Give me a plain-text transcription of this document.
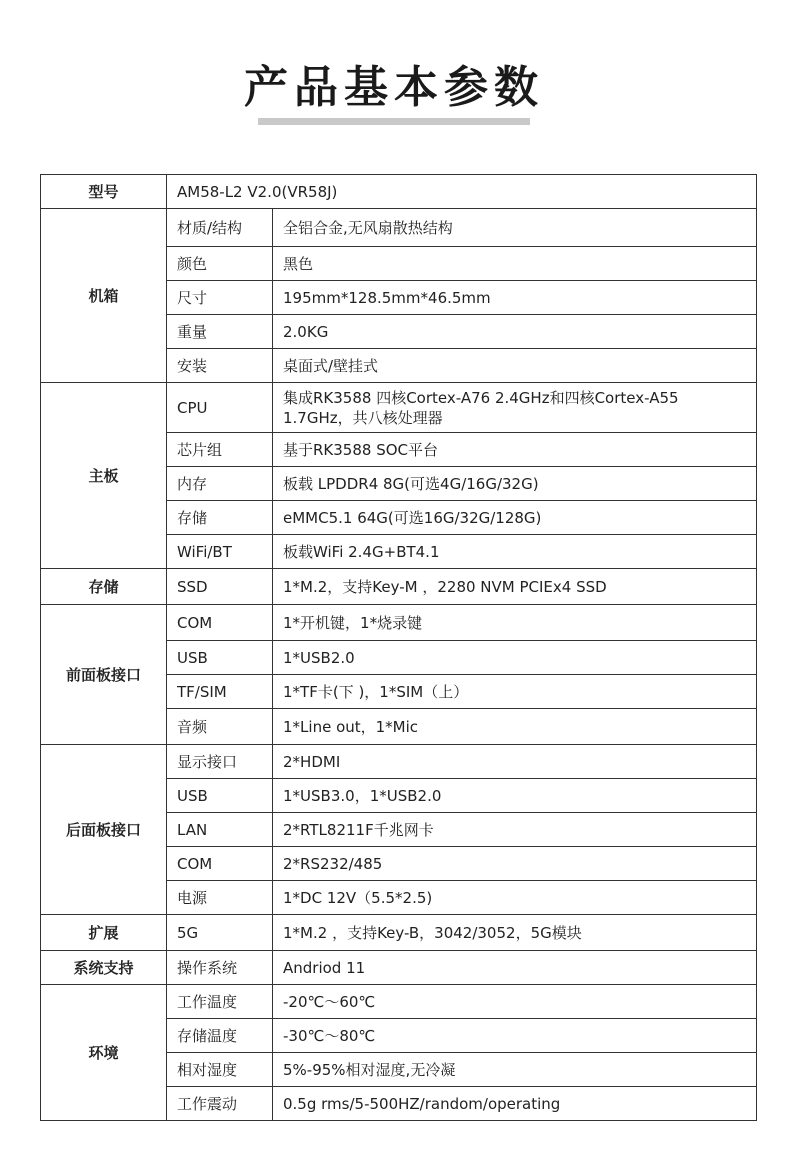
产品基本参数
型号	AM58-L2 V2.0(VR58J)	
机箱	材质/结构	全铝合金,无风扇散热结构
	颜色	黑色
	尺寸	195mm*128.5mm*46.5mm
	重量	2.0KG
	安装	桌面式/壁挂式
主板	CPU	集成RK3588 四核Cortex-A76 2.4GHz和四核Cortex-A55 1.7GHz，共八核处理器
	芯片组	基于RK3588 SOC平台
	内存	板载 LPDDR4 8G(可选4G/16G/32G)
	存储	eMMC5.1 64G(可选16G/32G/128G)
	WiFi/BT	板载WiFi 2.4G+BT4.1
存储	SSD	1*M.2，支持Key-M ，2280 NVM PCIEx4 SSD
前面板接口	COM	1*开机键，1*烧录键
	USB	1*USB2.0
	TF/SIM	1*TF卡(下 )，1*SIM（上）
	音频	1*Line out，1*Mic
后面板接口	显示接口	2*HDMI
	USB	1*USB3.0，1*USB2.0
	LAN	2*RTL8211F千兆网卡
	COM	2*RS232/485
	电源	1*DC 12V（5.5*2.5)
扩展	5G	1*M.2 ，支持Key-B，3042/3052，5G模块
系统支持	操作系统	Andriod 11
环境	工作温度	-20℃～60℃
	存储温度	-30℃～80℃
	相对湿度	5%-95%相对湿度,无冷凝
	工作震动	0.5g rms/5-500HZ/random/operating
